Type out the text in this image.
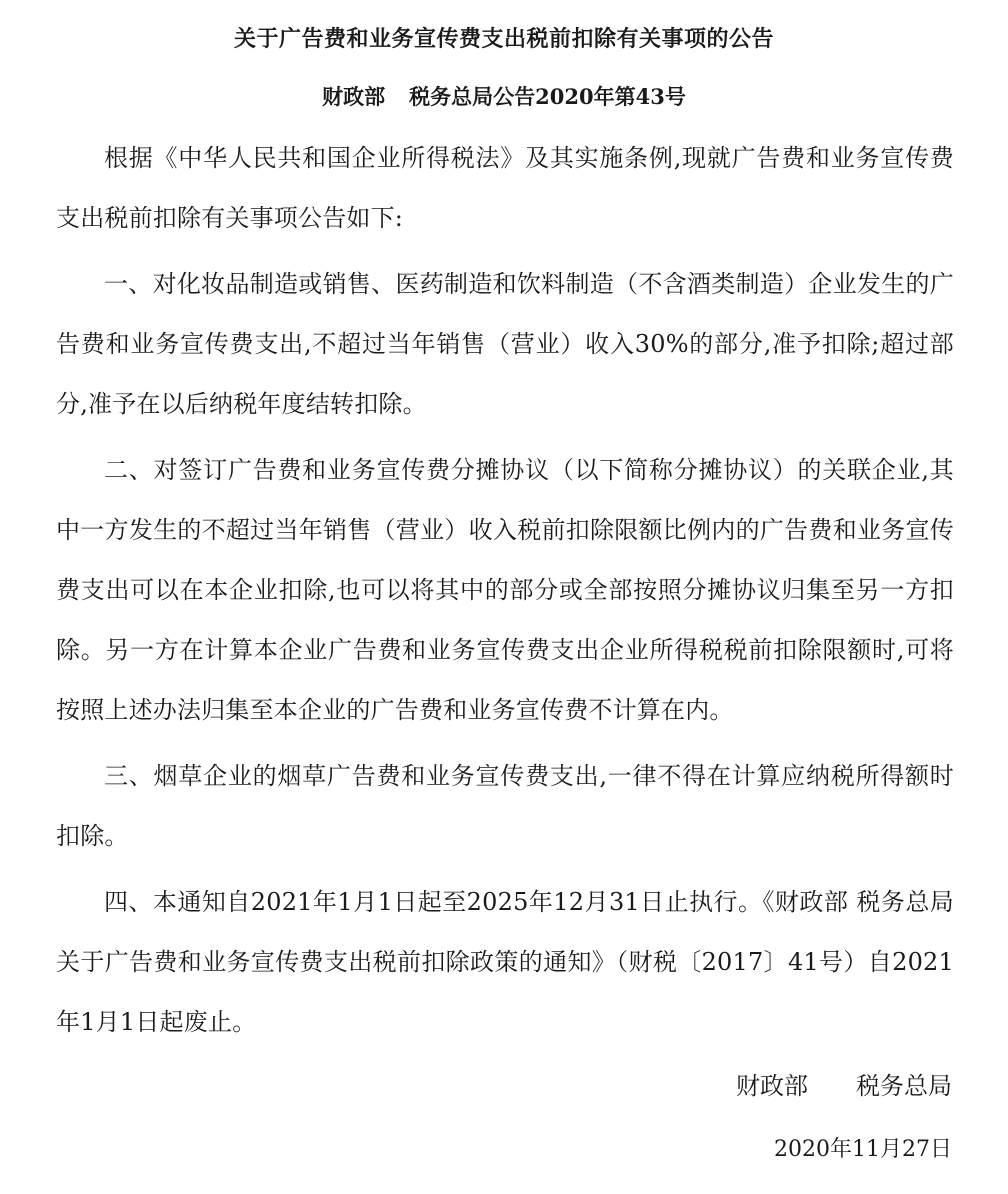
关于广告费和业务宣传费支出税前扣除有关事项的公告
财政部 税务总局公告2020年第43号

根据《中华人民共和国企业所得税法》及其实施条例,现就广告费和业务宣传费支出税前扣除有关事项公告如下:

一、对化妆品制造或销售、医药制造和饮料制造（不含酒类制造）企业发生的广告费和业务宣传费支出,不超过当年销售（营业）收入30%的部分,准予扣除;超过部分,准予在以后纳税年度结转扣除。

二、对签订广告费和业务宣传费分摊协议（以下简称分摊协议）的关联企业,其中一方发生的不超过当年销售（营业）收入税前扣除限额比例内的广告费和业务宣传费支出可以在本企业扣除,也可以将其中的部分或全部按照分摊协议归集至另一方扣除。另一方在计算本企业广告费和业务宣传费支出企业所得税税前扣除限额时,可将按照上述办法归集至本企业的广告费和业务宣传费不计算在内。

三、烟草企业的烟草广告费和业务宣传费支出,一律不得在计算应纳税所得额时扣除。

四、本通知自2021年1月1日起至2025年12月31日止执行。《财政部 税务总局关于广告费和业务宣传费支出税前扣除政策的通知》（财税〔2017〕41号）自2021年1月1日起废止。

财政部 税务总局
2020年11月27日
